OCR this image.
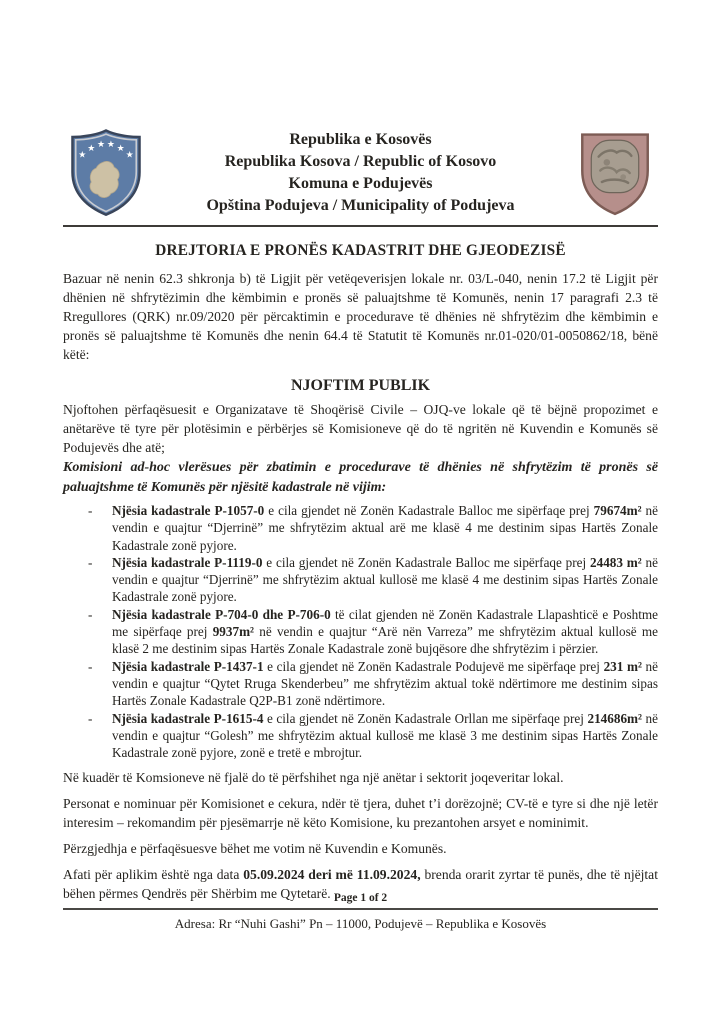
★
★ ★ ★ ★
★
Republika e Kosovës
Republika Kosova / Republic of Kosovo
Komuna e Podujevës
Opština Podujeva / Municipality of Podujeva
DREJTORIA E PRONËS KADASTRIT DHE GJEODEZISË

Bazuar në nenin 62.3 shkronja b) të Ligjit për vetëqeverisjen lokale nr. 03/L-040, nenin 17.2 të Ligjit për dhënien në shfrytëzimin dhe këmbimin e pronës së paluajtshme të Komunës, nenin 17 paragrafi 2.3 të Rregullores (QRK) nr.09/2020 për përcaktimin e procedurave të dhënies në shfrytëzim dhe këmbimin e pronës së paluajtshme të Komunës dhe nenin 64.4 të Statutit të Komunës nr.01-020/01-0050862/18, bënë këtë:

NJOFTIM PUBLIK

Njoftohen përfaqësuesit e Organizatave të Shoqërisë Civile – OJQ-ve lokale që të bëjnë propozimet e anëtarëve të tyre për plotësimin e përbërjes së Komisioneve që do të ngritën në Kuvendin e Komunës së Podujevës dhe atë;

Komisioni ad-hoc vlerësues për zbatimin e procedurave të dhënies në shfrytëzim të pronës së paluajtshme të Komunës për njësitë kadastrale në vijim:

-	Njësia kadastrale P-1057-0 e cila gjendet në Zonën Kadastrale Balloc me sipërfaqe prej 79674m² në vendin e quajtur “Djerrinë” me shfrytëzim aktual arë me klasë 4 me destinim sipas Hartës Zonale Kadastrale zonë pyjore.
-	Njësia kadastrale P-1119-0 e cila gjendet në Zonën Kadastrale Balloc me sipërfaqe prej 24483 m² në vendin e quajtur “Djerrinë” me shfrytëzim aktual kullosë me klasë 4 me destinim sipas Hartës Zonale Kadastrale zonë pyjore.
-	Njësia kadastrale P-704-0 dhe P-706-0 të cilat gjenden në Zonën Kadastrale Llapashticë e Poshtme me sipërfaqe prej 9937m² në vendin e quajtur “Arë nën Varreza” me shfrytëzim aktual kullosë me klasë 2 me destinim sipas Hartës Zonale Kadastrale zonë bujqësore dhe shfrytëzim i përzier.
-	Njësia kadastrale P-1437-1 e cila gjendet në Zonën Kadastrale Podujevë me sipërfaqe prej 231 m² në vendin e quajtur “Qytet Rruga Skenderbeu” me shfrytëzim aktual tokë ndërtimore me destinim sipas Hartës Zonale Kadastrale Q2P-B1 zonë ndërtimore.
-	Njësia kadastrale P-1615-4 e cila gjendet në Zonën Kadastrale Orllan me sipërfaqe prej 214686m² në vendin e quajtur “Golesh” me shfrytëzim aktual kullosë me klasë 3 me destinim sipas Hartës Zonale Kadastrale zonë pyjore, zonë e tretë e mbrojtur.

Në kuadër të Komsioneve në fjalë do të përfshihet nga një anëtar i sektorit joqeveritar lokal.

Personat e nominuar për Komisionet e cekura, ndër të tjera, duhet t’i dorëzojnë; CV-të e tyre si dhe një letër interesim – rekomandim për pjesëmarrje në këto Komisione, ku prezantohen arsyet e nominimit.

Përzgjedhja e përfaqësuesve bëhet me votim në Kuvendin e Komunës.

Afati për aplikim është nga data 05.09.2024 deri më 11.09.2024, brenda orarit zyrtar të punës, dhe të njëjtat bëhen përmes Qendrës për Shërbim me Qytetarë. Page 1 of 2
Adresa: Rr “Nuhi Gashi” Pn – 11000, Podujevë – Republika e Kosovës
